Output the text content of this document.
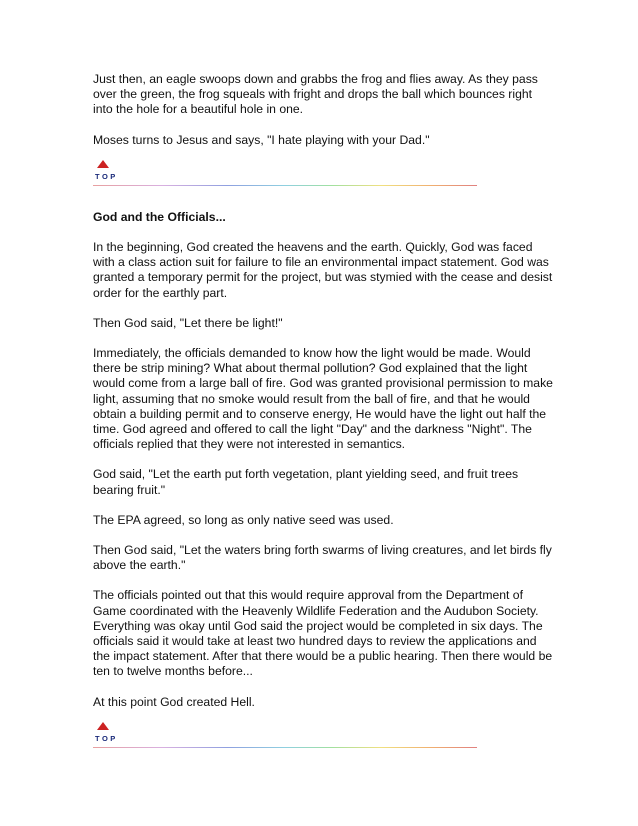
Just then, an eagle swoops down and grabbs the frog and flies away. As they pass over the green, the frog squeals with fright and drops the ball which bounces right into the hole for a beautiful hole in one.

Moses turns to Jesus and says, "I hate playing with your Dad."

TOP

God and the Officials...

In the beginning, God created the heavens and the earth. Quickly, God was faced with a class action suit for failure to file an environmental impact statement. God was granted a temporary permit for the project, but was stymied with the cease and desist order for the earthly part.

Then God said, "Let there be light!"

Immediately, the officials demanded to know how the light would be made. Would there be strip mining? What about thermal pollution? God explained that the light would come from a large ball of fire. God was granted provisional permission to make light, assuming that no smoke would result from the ball of fire, and that he would obtain a building permit and to conserve energy, He would have the light out half the time. God agreed and offered to call the light "Day" and the darkness "Night". The officials replied that they were not interested in semantics.

God said, "Let the earth put forth vegetation, plant yielding seed, and fruit trees bearing fruit."

The EPA agreed, so long as only native seed was used.

Then God said, "Let the waters bring forth swarms of living creatures, and let birds fly above the earth."

The officials pointed out that this would require approval from the Department of Game coordinated with the Heavenly Wildlife Federation and the Audubon Society. Everything was okay until God said the project would be completed in six days. The officials said it would take at least two hundred days to review the applications and the impact statement. After that there would be a public hearing. Then there would be ten to twelve months before...

At this point God created Hell.

TOP
